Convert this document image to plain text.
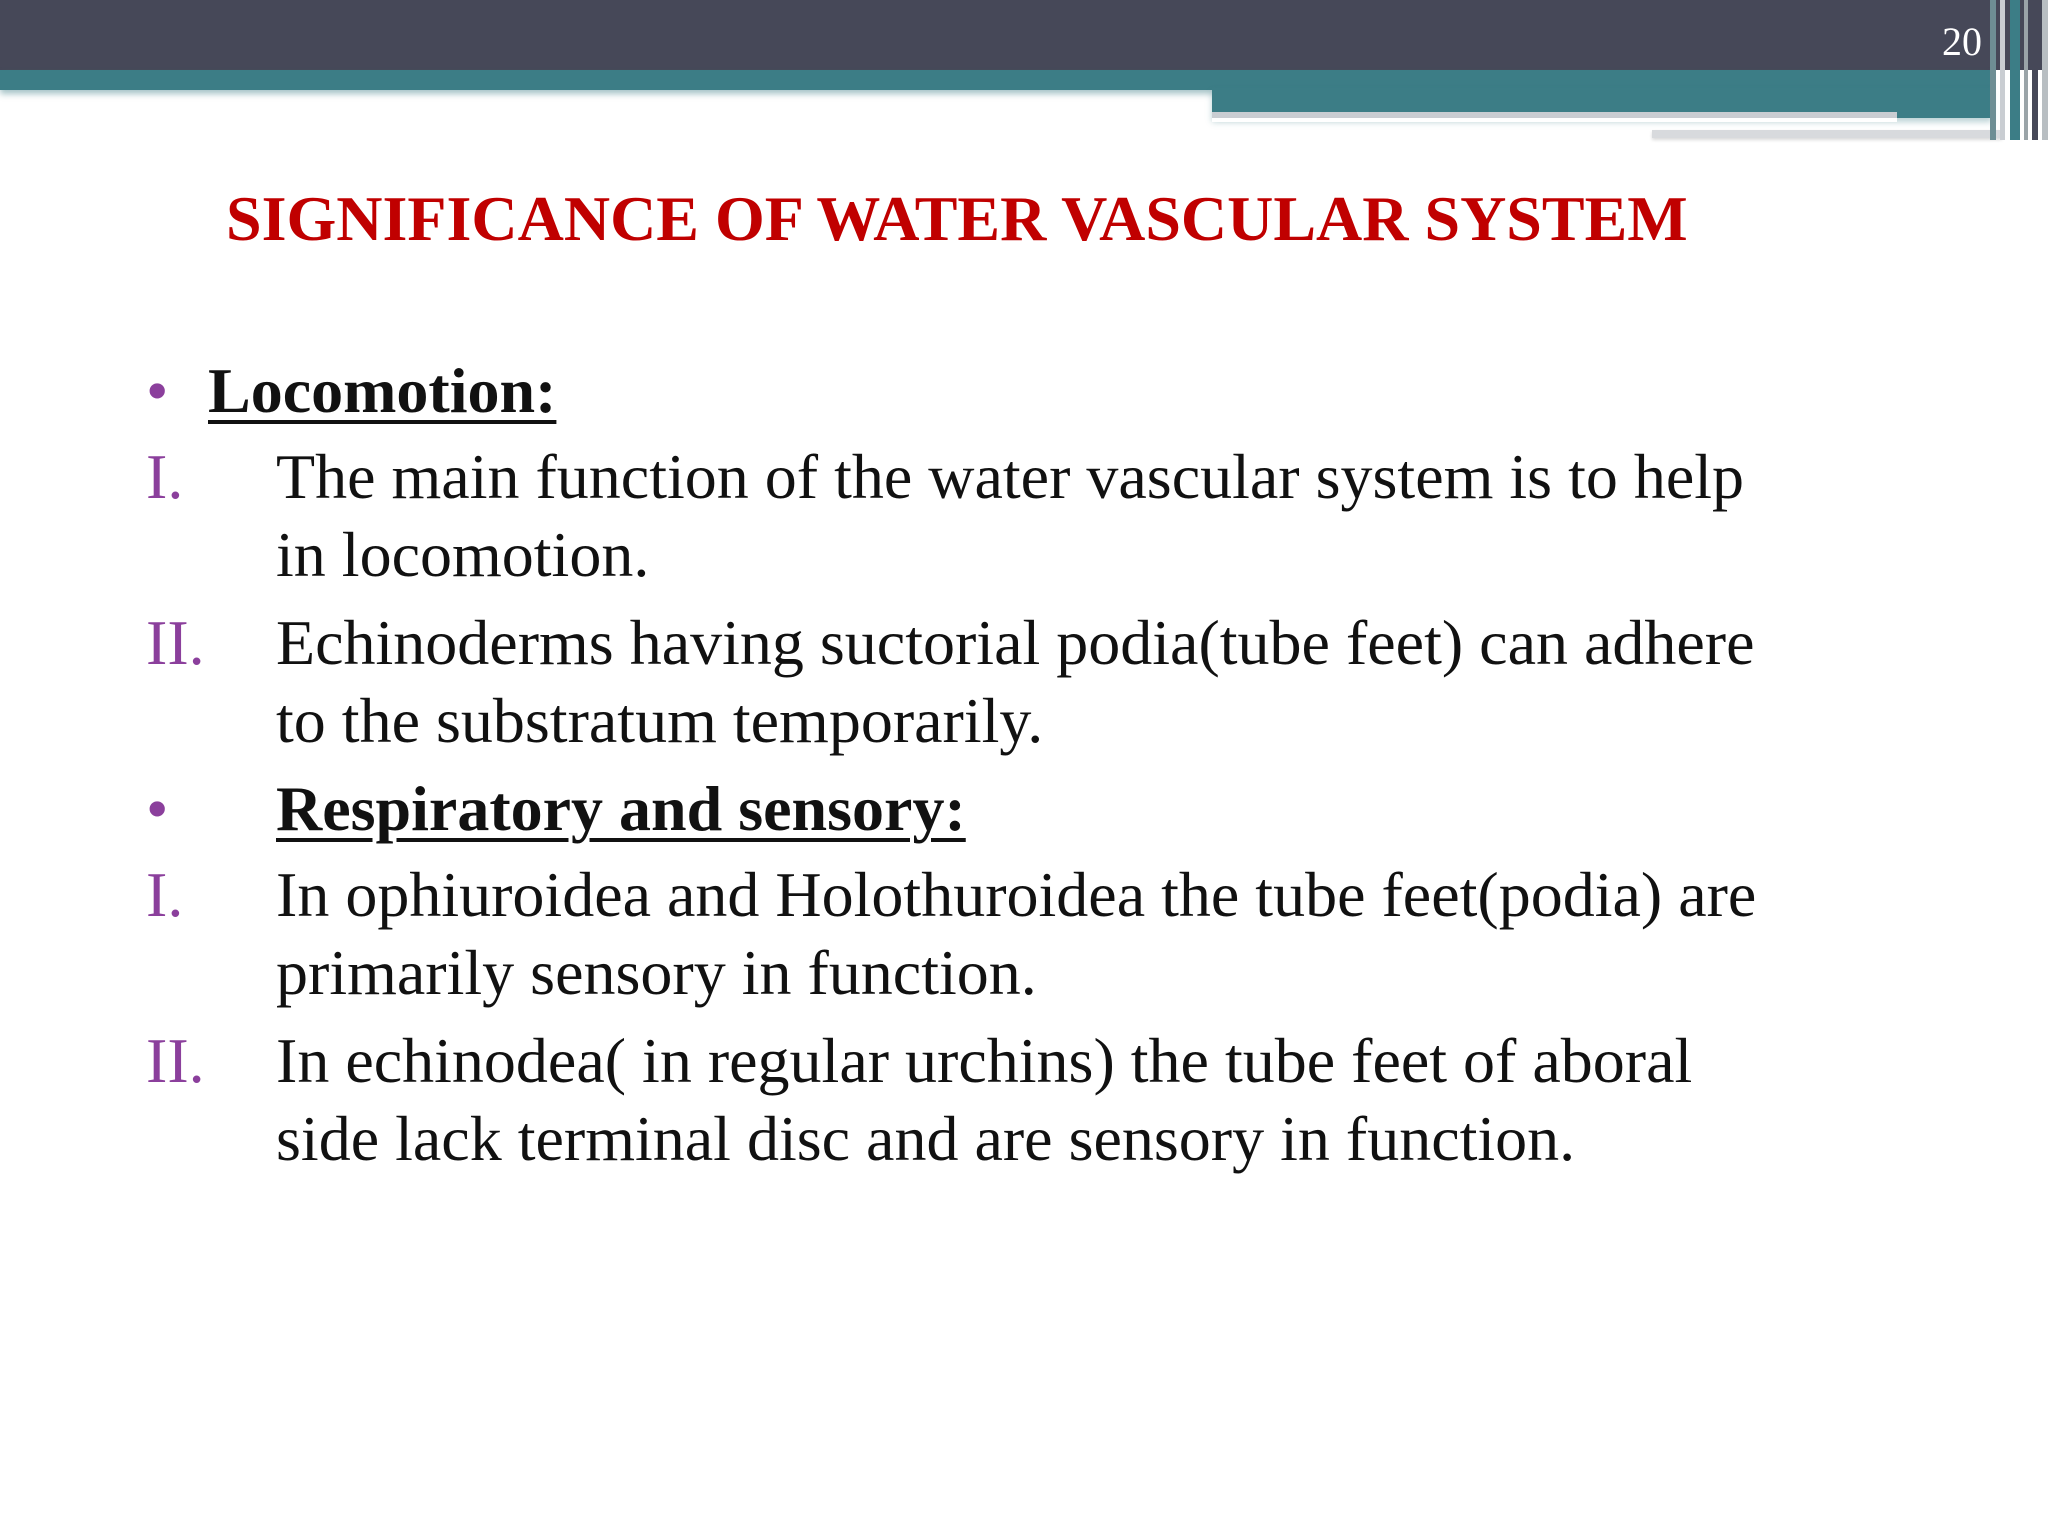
20
SIGNIFICANCE OF WATER VASCULAR SYSTEM
• Locomotion:
I. The main function of the water vascular system is to help
in locomotion.
II. Echinoderms having suctorial podia(tube feet) can adhere
to the substratum temporarily.
• Respiratory and sensory:
I. In ophiuroidea and Holothuroidea the tube feet(podia) are
primarily sensory in function.
II. In echinodea( in regular urchins) the tube feet of aboral
side lack terminal disc and are sensory in function.
